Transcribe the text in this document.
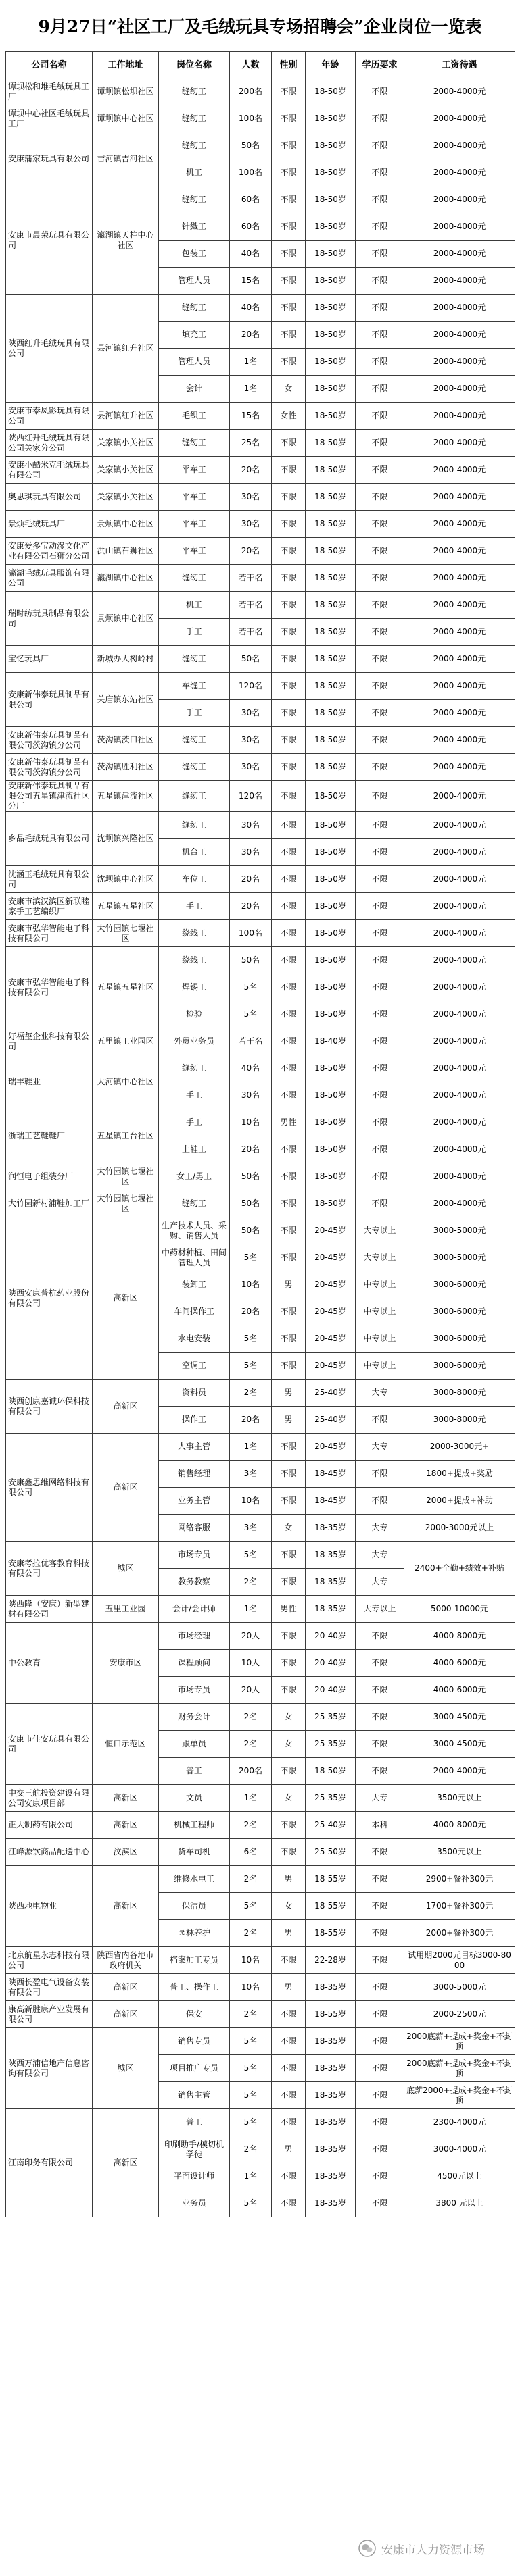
9月27日“社区工厂及毛绒玩具专场招聘会”企业岗位一览表
公司名称	工作地址	岗位名称	人数	性别	年龄	学历要求	工资待遇
谭坝松和堆毛绒玩具工厂	谭坝镇松坝社区	缝纫工	200名	不限	18-50岁	不限	2000-4000元
谭坝中心社区毛绒玩具工厂	谭坝镇中心社区	缝纫工	100名	不限	18-50岁	不限	2000-4000元
安康蒲家玩具有限公司	吉河镇吉河社区	缝纫工	50名	不限	18-50岁	不限	2000-4000元
		机工	100名	不限	18-50岁	不限	2000-4000元
安康市晨荣玩具有限公司	瀛湖镇天柱中心社区	缝纫工	60名	不限	18-50岁	不限	2000-4000元
		针織工	60名	不限	18-50岁	不限	2000-4000元
		包装工	40名	不限	18-50岁	不限	2000-4000元
		管理人员	15名	不限	18-50岁	不限	2000-4000元
陕西红升毛绒玩具有限公司	县河镇红升社区	缝纫工	40名	不限	18-50岁	不限	2000-4000元
		填充工	20名	不限	18-50岁	不限	2000-4000元
		管理人员	1名	不限	18-50岁	不限	2000-4000元
		会计	1名	女	18-50岁	不限	2000-4000元
安康市泰凤影玩具有限公司	县河镇红升社区	毛织工	15名	女性	18-50岁	不限	2000-4000元
陕西红升毛绒玩具有限公司关家分公司	关家镇小关社区	缝纫工	25名	不限	18-50岁	不限	2000-4000元
安康小酷米克毛绒玩具有限公司	关家镇小关社区	平车工	20名	不限	18-50岁	不限	2000-4000元
奥思琪玩具有限公司	关家镇小关社区	平车工	30名	不限	18-50岁	不限	2000-4000元
景烦毛绒玩具厂	景烦镇中心社区	平车工	30名	不限	18-50岁	不限	2000-4000元
安康爱多宝动漫文化产业有限公司石狮分公司	洪山镇石狮社区	平车工	20名	不限	18-50岁	不限	2000-4000元
瀛湖毛绒玩具服饰有限公司	瀛湖镇中心社区	缝纫工	若干名	不限	18-50岁	不限	2000-4000元
瑞时纺玩具制品有限公司	景烦镇中心社区	机工	若干名	不限	18-50岁	不限	2000-4000元
		手工	若干名	不限	18-50岁	不限	2000-4000元
宝忆玩具厂	新城办大树岭村	缝纫工	50名	不限	18-50岁	不限	2000-4000元
安康新伟泰玩具制品有限公司	关庙镇东站社区	车缝工	120名	不限	18-50岁	不限	2000-4000元
		手工	30名	不限	18-50岁	不限	2000-4000元
安康新伟泰玩具制品有限公司茨沟镇分公司	茨沟镇茨口社区	缝纫工	30名	不限	18-50岁	不限	2000-4000元
安康新伟泰玩具制品有限公司茨沟镇分公司	茨沟镇胜利社区	缝纫工	30名	不限	18-50岁	不限	2000-4000元
安康新伟泰玩具制品有限公司五星镇津流社区分厂	五星镇津流社区	缝纫工	120名	不限	18-50岁	不限	2000-4000元
乡品毛绒玩具有限公司	沈坝镇兴隆社区	缝纫工	30名	不限	18-50岁	不限	2000-4000元
		机台工	30名	不限	18-50岁	不限	2000-4000元
沈涵玉毛绒玩具有限公司	沈坝镇中心社区	车位工	20名	不限	18-50岁	不限	2000-4000元
安康市滨汉滨区新联睦家手工艺编织厂	五星镇五星社区	手工	20名	不限	18-50岁	不限	2000-4000元
安康市弘华智能电子科技有限公司	大竹园镇七堰社区	绕线工	100名	不限	18-50岁	不限	2000-4000元
安康市弘华智能电子科技有限公司	五星镇五星社区	绕线工	50名	不限	18-50岁	不限	2000-4000元
		焊锡工	5名	不限	18-50岁	不限	2000-4000元
		检验	5名	不限	18-50岁	不限	2000-4000元
好福玺企业科技有限公司	五里镇工业园区	外贸业务员	若干名	不限	18-40岁	不限	2000-4000元
瑞丰鞋业	大河镇中心社区	缝纫工	40名	不限	18-50岁	不限	2000-4000元
		手工	30名	不限	18-50岁	不限	2000-4000元
浙瑞工艺鞋鞋厂	五星镇工台社区	手工	10名	男性	18-50岁	不限	2000-4000元
		上鞋工	20名	不限	18-50岁	不限	2000-4000元
润恒电子组装分厂	大竹园镇七堰社区	女工/男工	50名	不限	18-50岁	不限	2000-4000元
大竹园新村浦鞋加工厂	大竹园镇七堰社区	缝纫工	50名	不限	18-50岁	不限	2000-4000元
陕西安康普杭药业股份有限公司	高新区	生产技术人员、采购、销售人员	50名	不限	20-45岁	大专以上	3000-5000元
		中药材种植、田间管理人员	5名	不限	20-45岁	大专以上	3000-5000元
		装卸工	10名	男	20-45岁	中专以上	3000-6000元
		车间操作工	20名	不限	20-45岁	中专以上	3000-6000元
		水电安装	5名	不限	20-45岁	中专以上	3000-6000元
		空调工	5名	不限	20-45岁	中专以上	3000-6000元
陕西创康嘉诚环保科技有限公司	高新区	资料员	2名	男	25-40岁	大专	3000-8000元
		操作工	20名	男	25-40岁	不限	3000-8000元
安康鑫思维网络科技有限公司	高新区	人事主管	1名	不限	20-45岁	大专	2000-3000元+
		销售经理	3名	不限	18-45岁	不限	1800+提成+奖励
		业务主管	10名	不限	18-45岁	不限	2000+提成+补助
		网络客服	3名	女	18-35岁	大专	2000-3000元以上
安康考拉优客教育科技有限公司	城区	市场专员	5名	不限	18-35岁	大专	2400+全勤+绩效+补贴
		教务教察	2名	不限	18-35岁	大专	
陕西隆（安康）新型建材有限公司	五里工业园	会计/会计师	1名	男性	18-35岁	大专以上	5000-10000元
中公教育	安康市区	市场经理	20人	不限	20-40岁	不限	4000-8000元
		课程顾问	10人	不限	20-40岁	不限	4000-6000元
		市场专员	20人	不限	20-40岁	不限	4000-6000元
安康市佳安玩具有限公司	恒口示范区	财务会计	2名	女	25-35岁	不限	3000-4500元
		跟单员	2名	女	25-35岁	不限	3000-4500元
		普工	200名	不限	18-50岁	不限	2000-4000元
中交三航投资建设有限公司安康项目部	高新区	文员	1名	女	25-35岁	大专	3500元以上
正大制药有限公司	高新区	机械工程师	2名	不限	25-40岁	本科	4000-8000元
江峰源饮商品配送中心	汶滨区	货车司机	6名	不限	25-50岁	不限	3500元以上
陕西地电物业	高新区	维修水电工	2名	男	18-55岁	不限	2900+餐补300元
		保洁员	5名	女	18-55岁	不限	1700+餐补300元
		园林养护	2名	男	18-55岁	不限	2000+餐补300元
北京航星永志科技有限公司	陕西省内各地市政府机关	档案加工专员	10名	不限	22-28岁	不限	试用期2000元目标3000-8000
陕西长盈电气设备安装有限公司	高新区	普工、操作工	10名	男	18-35岁	不限	3000-5000元
康高新胜康产业发展有限公司	高新区	保安	2名	不限	18-55岁	不限	2000-2500元
陕西万浦信地产信息咨询有限公司	城区	销售专员	5名	不限	18-35岁	不限	2000底薪+提成+奖金+不封顶
		项目推广专员	5名	不限	18-35岁	不限	2000底薪+提成+奖金+不封顶
		销售主管	5名	不限	18-35岁	不限	底薪2000+提成+奖金+不封顶
江南印务有限公司	高新区	普工	5名	不限	18-35岁	不限	2300-4000元
		印刷助手/模切机学徒	2名	男	18-35岁	不限	3000-4000元
		平面设计师	1名	不限	18-35岁	不限	4500元以上
		业务员	5名	不限	18-35岁	不限	3800 元以上
安康市人力资源市场
